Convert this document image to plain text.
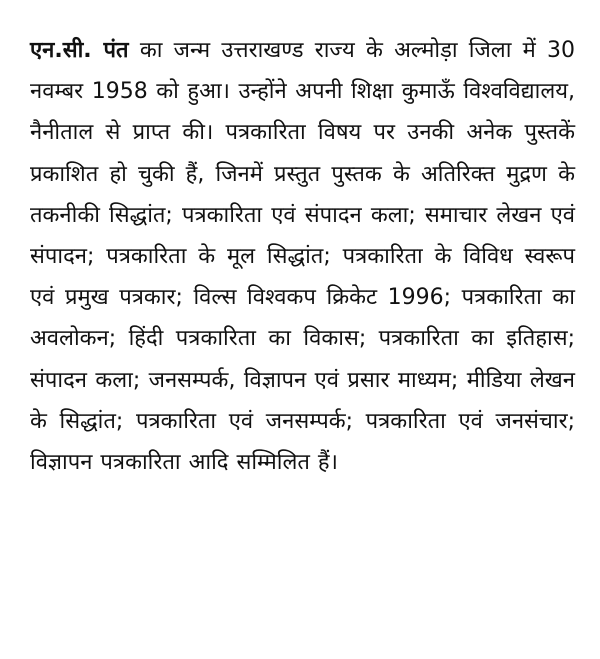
एन.सी. पंत का जन्म उत्तराखण्ड राज्य के अल्मोड़ा जिला में 30 नवम्बर 1958 को हुआ। उन्होंने अपनी शिक्षा कुमाऊँ विश्वविद्यालय, नैनीताल से प्राप्त की। पत्रकारिता विषय पर उनकी अनेक पुस्तकें प्रकाशित हो चुकी हैं, जिनमें प्रस्तुत पुस्तक के अतिरिक्त मुद्रण के तकनीकी सिद्धांत; पत्रकारिता एवं संपादन कला; समाचार लेखन एवं संपादन; पत्रकारिता के मूल सिद्धांत; पत्रकारिता के विविध स्वरूप एवं प्रमुख पत्रकार; विल्स विश्वकप क्रिकेट 1996; पत्रकारिता का अवलोकन; हिंदी पत्रकारिता का विकास; पत्रकारिता का इतिहास; संपादन कला; जनसम्पर्क, विज्ञापन एवं प्रसार माध्यम; मीडिया लेखन के सिद्धांत; पत्रकारिता एवं जनसम्पर्क; पत्रकारिता एवं जनसंचार; विज्ञापन पत्रकारिता आदि सम्मिलित हैं।
